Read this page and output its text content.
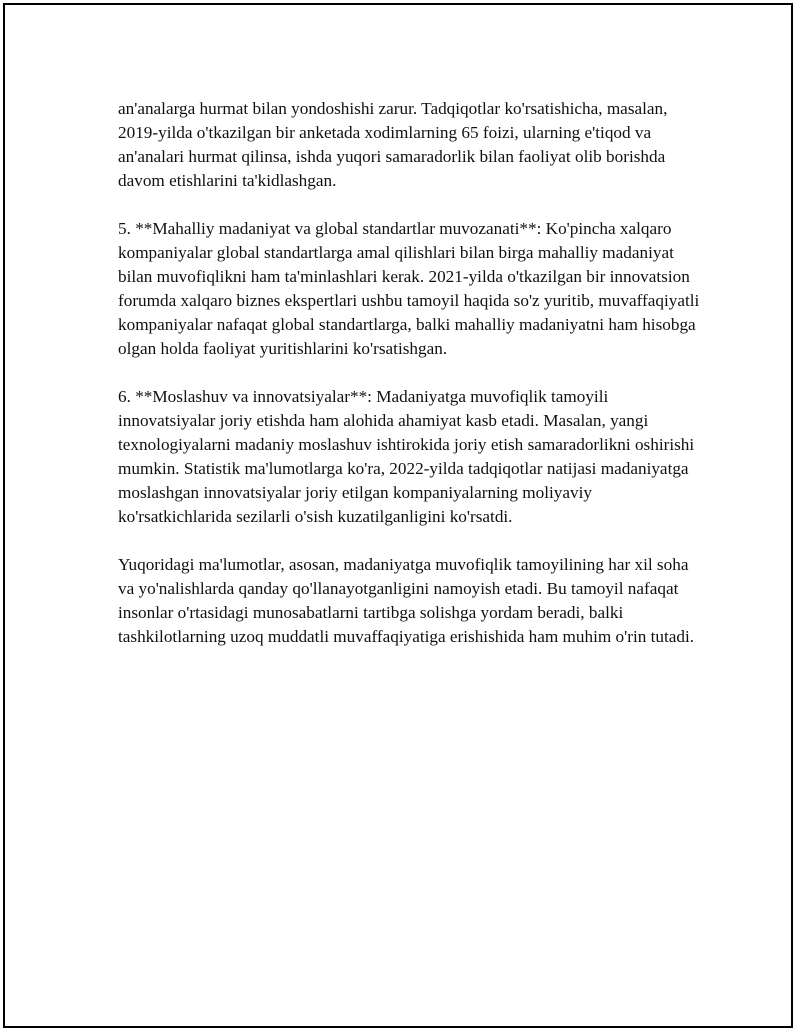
an'analarga hurmat bilan yondoshishi zarur. Tadqiqotlar ko'rsatishicha, masalan, 2019-yilda o'tkazilgan bir anketada xodimlarning 65 foizi, ularning e'tiqod va an'analari hurmat qilinsa, ishda yuqori samaradorlik bilan faoliyat olib borishda davom etishlarini ta'kidlashgan.

5. **Mahalliy madaniyat va global standartlar muvozanati**: Ko'pincha xalqaro kompaniyalar global standartlarga amal qilishlari bilan birga mahalliy madaniyat bilan muvofiqlikni ham ta'minlashlari kerak. 2021-yilda o'tkazilgan bir innovatsion forumda xalqaro biznes ekspertlari ushbu tamoyil haqida so'z yuritib, muvaffaqiyatli kompaniyalar nafaqat global standartlarga, balki mahalliy madaniyatni ham hisobga olgan holda faoliyat yuritishlarini ko'rsatishgan.

6. **Moslashuv va innovatsiyalar**: Madaniyatga muvofiqlik tamoyili innovatsiyalar joriy etishda ham alohida ahamiyat kasb etadi. Masalan, yangi texnologiyalarni madaniy moslashuv ishtirokida joriy etish samaradorlikni oshirishi mumkin. Statistik ma'lumotlarga ko'ra, 2022-yilda tadqiqotlar natijasi madaniyatga moslashgan innovatsiyalar joriy etilgan kompaniyalarning moliyaviy ko'rsatkichlarida sezilarli o'sish kuzatilganligini ko'rsatdi.

Yuqoridagi ma'lumotlar, asosan, madaniyatga muvofiqlik tamoyilining har xil soha va yo'nalishlarda qanday qo'llanayotganligini namoyish etadi. Bu tamoyil nafaqat insonlar o'rtasidagi munosabatlarni tartibga solishga yordam beradi, balki tashkilotlarning uzoq muddatli muvaffaqiyatiga erishishida ham muhim o'rin tutadi.
